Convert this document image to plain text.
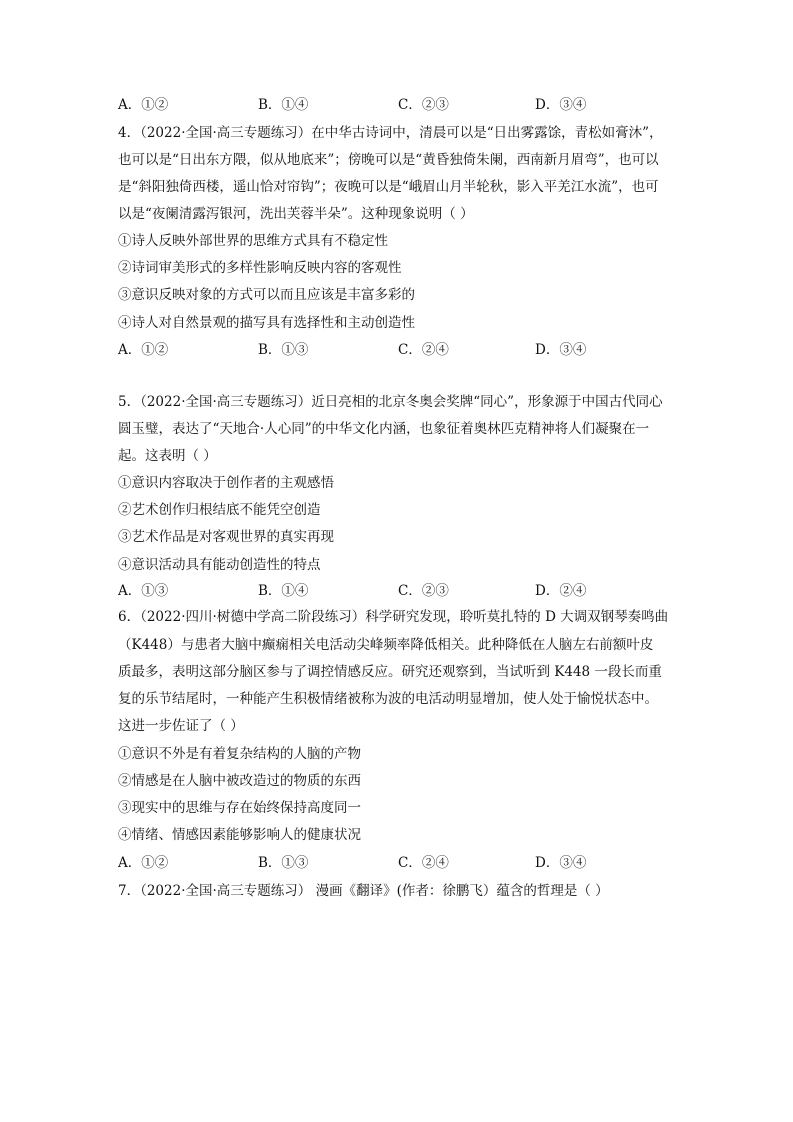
A．①②	B．①④	C．②③	D．③④
4．（2022·全国·高三专题练习）在中华古诗词中，清晨可以是“日出雾露馀，青松如膏沐”，
也可以是“日出东方隈，似从地底来”；傍晚可以是“黄昏独倚朱阑，西南新月眉弯”，也可以
是“斜阳独倚西楼，遥山恰对帘钩”；夜晚可以是“峨眉山月半轮秋，影入平羌江水流”，也可
以是“夜阑清露泻银河，洗出芙蓉半朵”。这种现象说明（ ）
①诗人反映外部世界的思维方式具有不稳定性
②诗词审美形式的多样性影响反映内容的客观性
③意识反映对象的方式可以而且应该是丰富多彩的
④诗人对自然景观的描写具有选择性和主动创造性
A．①②	B．①③	C．②④	D．③④
5．（2022·全国·高三专题练习）近日亮相的北京冬奥会奖牌“同心”，形象源于中国古代同心
圆玉璧，表达了“天地合·人心同”的中华文化内涵，也象征着奥林匹克精神将人们凝聚在一
起。这表明（ ）
①意识内容取决于创作者的主观感悟
②艺术创作归根结底不能凭空创造
③艺术作品是对客观世界的真实再现
④意识活动具有能动创造性的特点
A．①③	B．①④	C．②③	D．②④
6．（2022·四川·树德中学高二阶段练习）科学研究发现，聆听莫扎特的 D 大调双钢琴奏鸣曲
（K448）与患者大脑中癫痫相关电活动尖峰频率降低相关。此种降低在人脑左右前额叶皮
质最多，表明这部分脑区参与了调控情感反应。研究还观察到，当试听到 K448 一段长而重
复的乐节结尾时，一种能产生积极情绪被称为波的电活动明显增加，使人处于愉悦状态中。
这进一步佐证了（ ）
①意识不外是有着复杂结构的人脑的产物
②情感是在人脑中被改造过的物质的东西
③现实中的思维与存在始终保持高度同一
④情绪、情感因素能够影响人的健康状况
A．①②	B．①③	C．②④	D．③④
7．（2022·全国·高三专题练习） 漫画《翻译》(作者：徐鹏飞）蕴含的哲理是（ ）
